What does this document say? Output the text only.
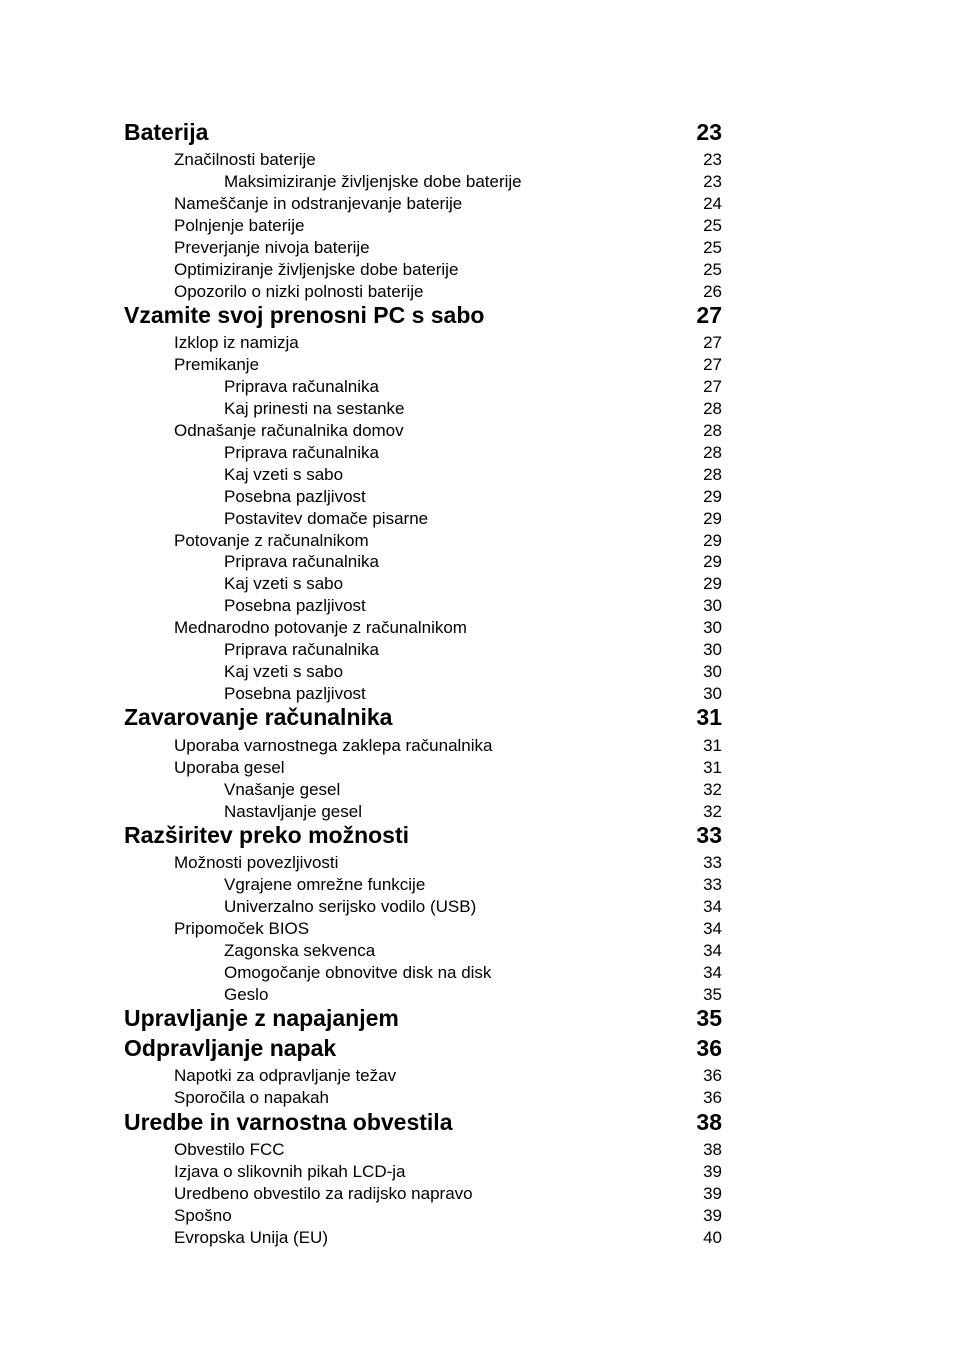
Baterija	23
Značilnosti baterije	23
Maksimiziranje življenjske dobe baterije	23
Nameščanje in odstranjevanje baterije	24
Polnjenje baterije	25
Preverjanje nivoja baterije	25
Optimiziranje življenjske dobe baterije	25
Opozorilo o nizki polnosti baterije	26
Vzamite svoj prenosni PC s sabo	27
Izklop iz namizja	27
Premikanje	27
Priprava računalnika	27
Kaj prinesti na sestanke	28
Odnašanje računalnika domov	28
Priprava računalnika	28
Kaj vzeti s sabo	28
Posebna pazljivost	29
Postavitev domače pisarne	29
Potovanje z računalnikom	29
Priprava računalnika	29
Kaj vzeti s sabo	29
Posebna pazljivost	30
Mednarodno potovanje z računalnikom	30
Priprava računalnika	30
Kaj vzeti s sabo	30
Posebna pazljivost	30
Zavarovanje računalnika	31
Uporaba varnostnega zaklepa računalnika	31
Uporaba gesel	31
Vnašanje gesel	32
Nastavljanje gesel	32
Razširitev preko možnosti	33
Možnosti povezljivosti	33
Vgrajene omrežne funkcije	33
Univerzalno serijsko vodilo (USB)	34
Pripomoček BIOS	34
Zagonska sekvenca	34
Omogočanje obnovitve disk na disk	34
Geslo	35
Upravljanje z napajanjem	35
Odpravljanje napak	36
Napotki za odpravljanje težav	36
Sporočila o napakah	36
Uredbe in varnostna obvestila	38
Obvestilo FCC	38
Izjava o slikovnih pikah LCD-ja	39
Uredbeno obvestilo za radijsko napravo	39
Spošno	39
Evropska Unija (EU)	40
